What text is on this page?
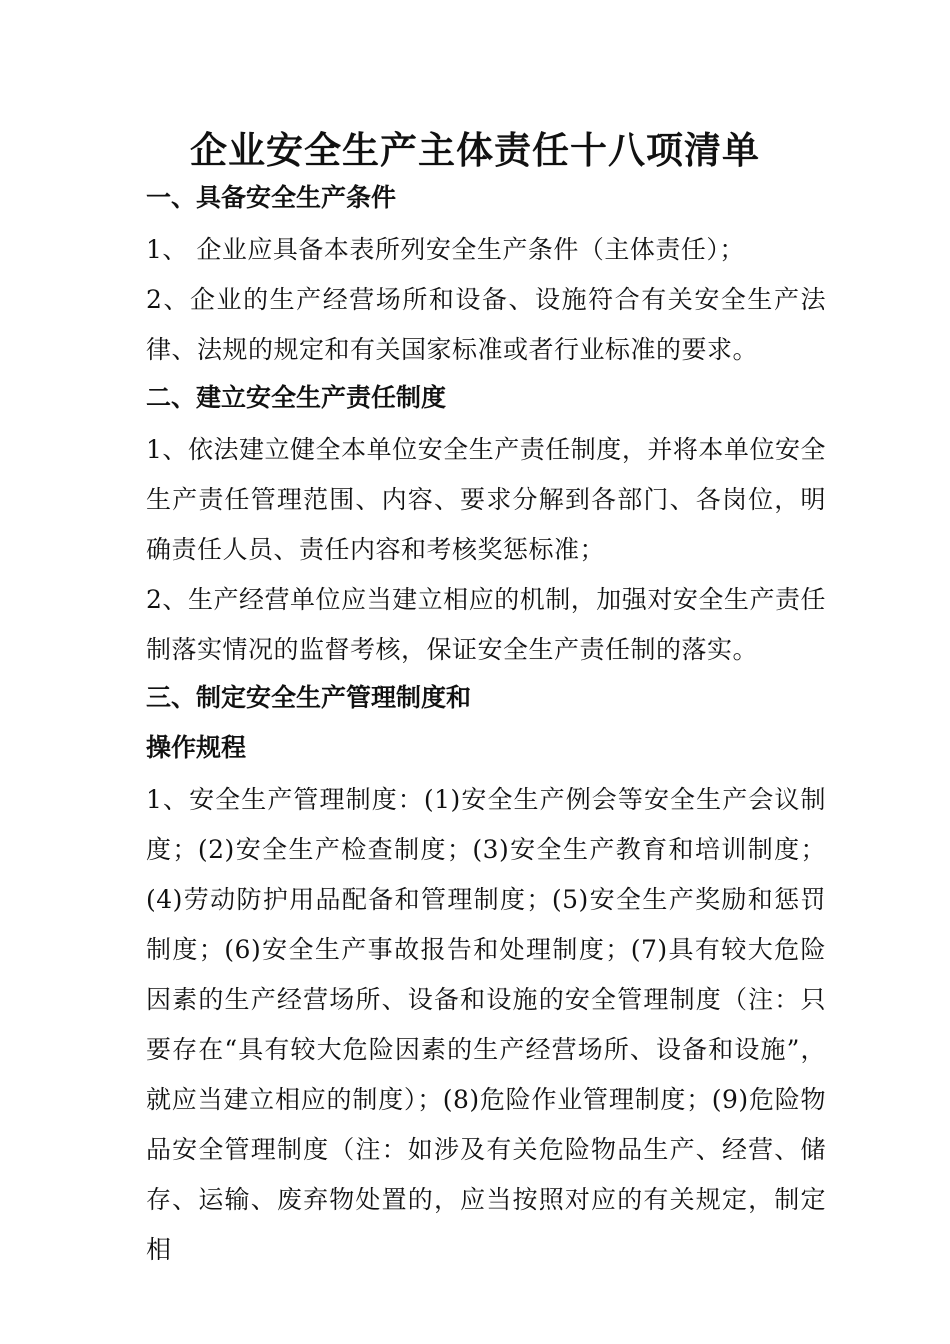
企业安全生产主体责任十八项清单
一、具备安全生产条件

1、 企业应具备本表所列安全生产条件（主体责任）；

2、企业的生产经营场所和设备、设施符合有关安全生产法律、法规的规定和有关国家标准或者行业标准的要求。

二、建立安全生产责任制度

1、依法建立健全本单位安全生产责任制度，并将本单位安全生产责任管理范围、内容、要求分解到各部门、各岗位，明确责任人员、责任内容和考核奖惩标准；

2、生产经营单位应当建立相应的机制，加强对安全生产责任制落实情况的监督考核，保证安全生产责任制的落实。

三、制定安全生产管理制度和
操作规程

1、安全生产管理制度：(1)安全生产例会等安全生产会议制度；(2)安全生产检查制度；(3)安全生产教育和培训制度；(4)劳动防护用品配备和管理制度；(5)安全生产奖励和惩罚制度；(6)安全生产事故报告和处理制度；(7)具有较大危险因素的生产经营场所、设备和设施的安全管理制度（注：只要存在“具有较大危险因素的生产经营场所、设备和设施”，就应当建立相应的制度）；(8)危险作业管理制度；(9)危险物品安全管理制度（注：如涉及有关危险物品生产、经营、储存、运输、废弃物处置的，应当按照对应的有关规定，制定相
